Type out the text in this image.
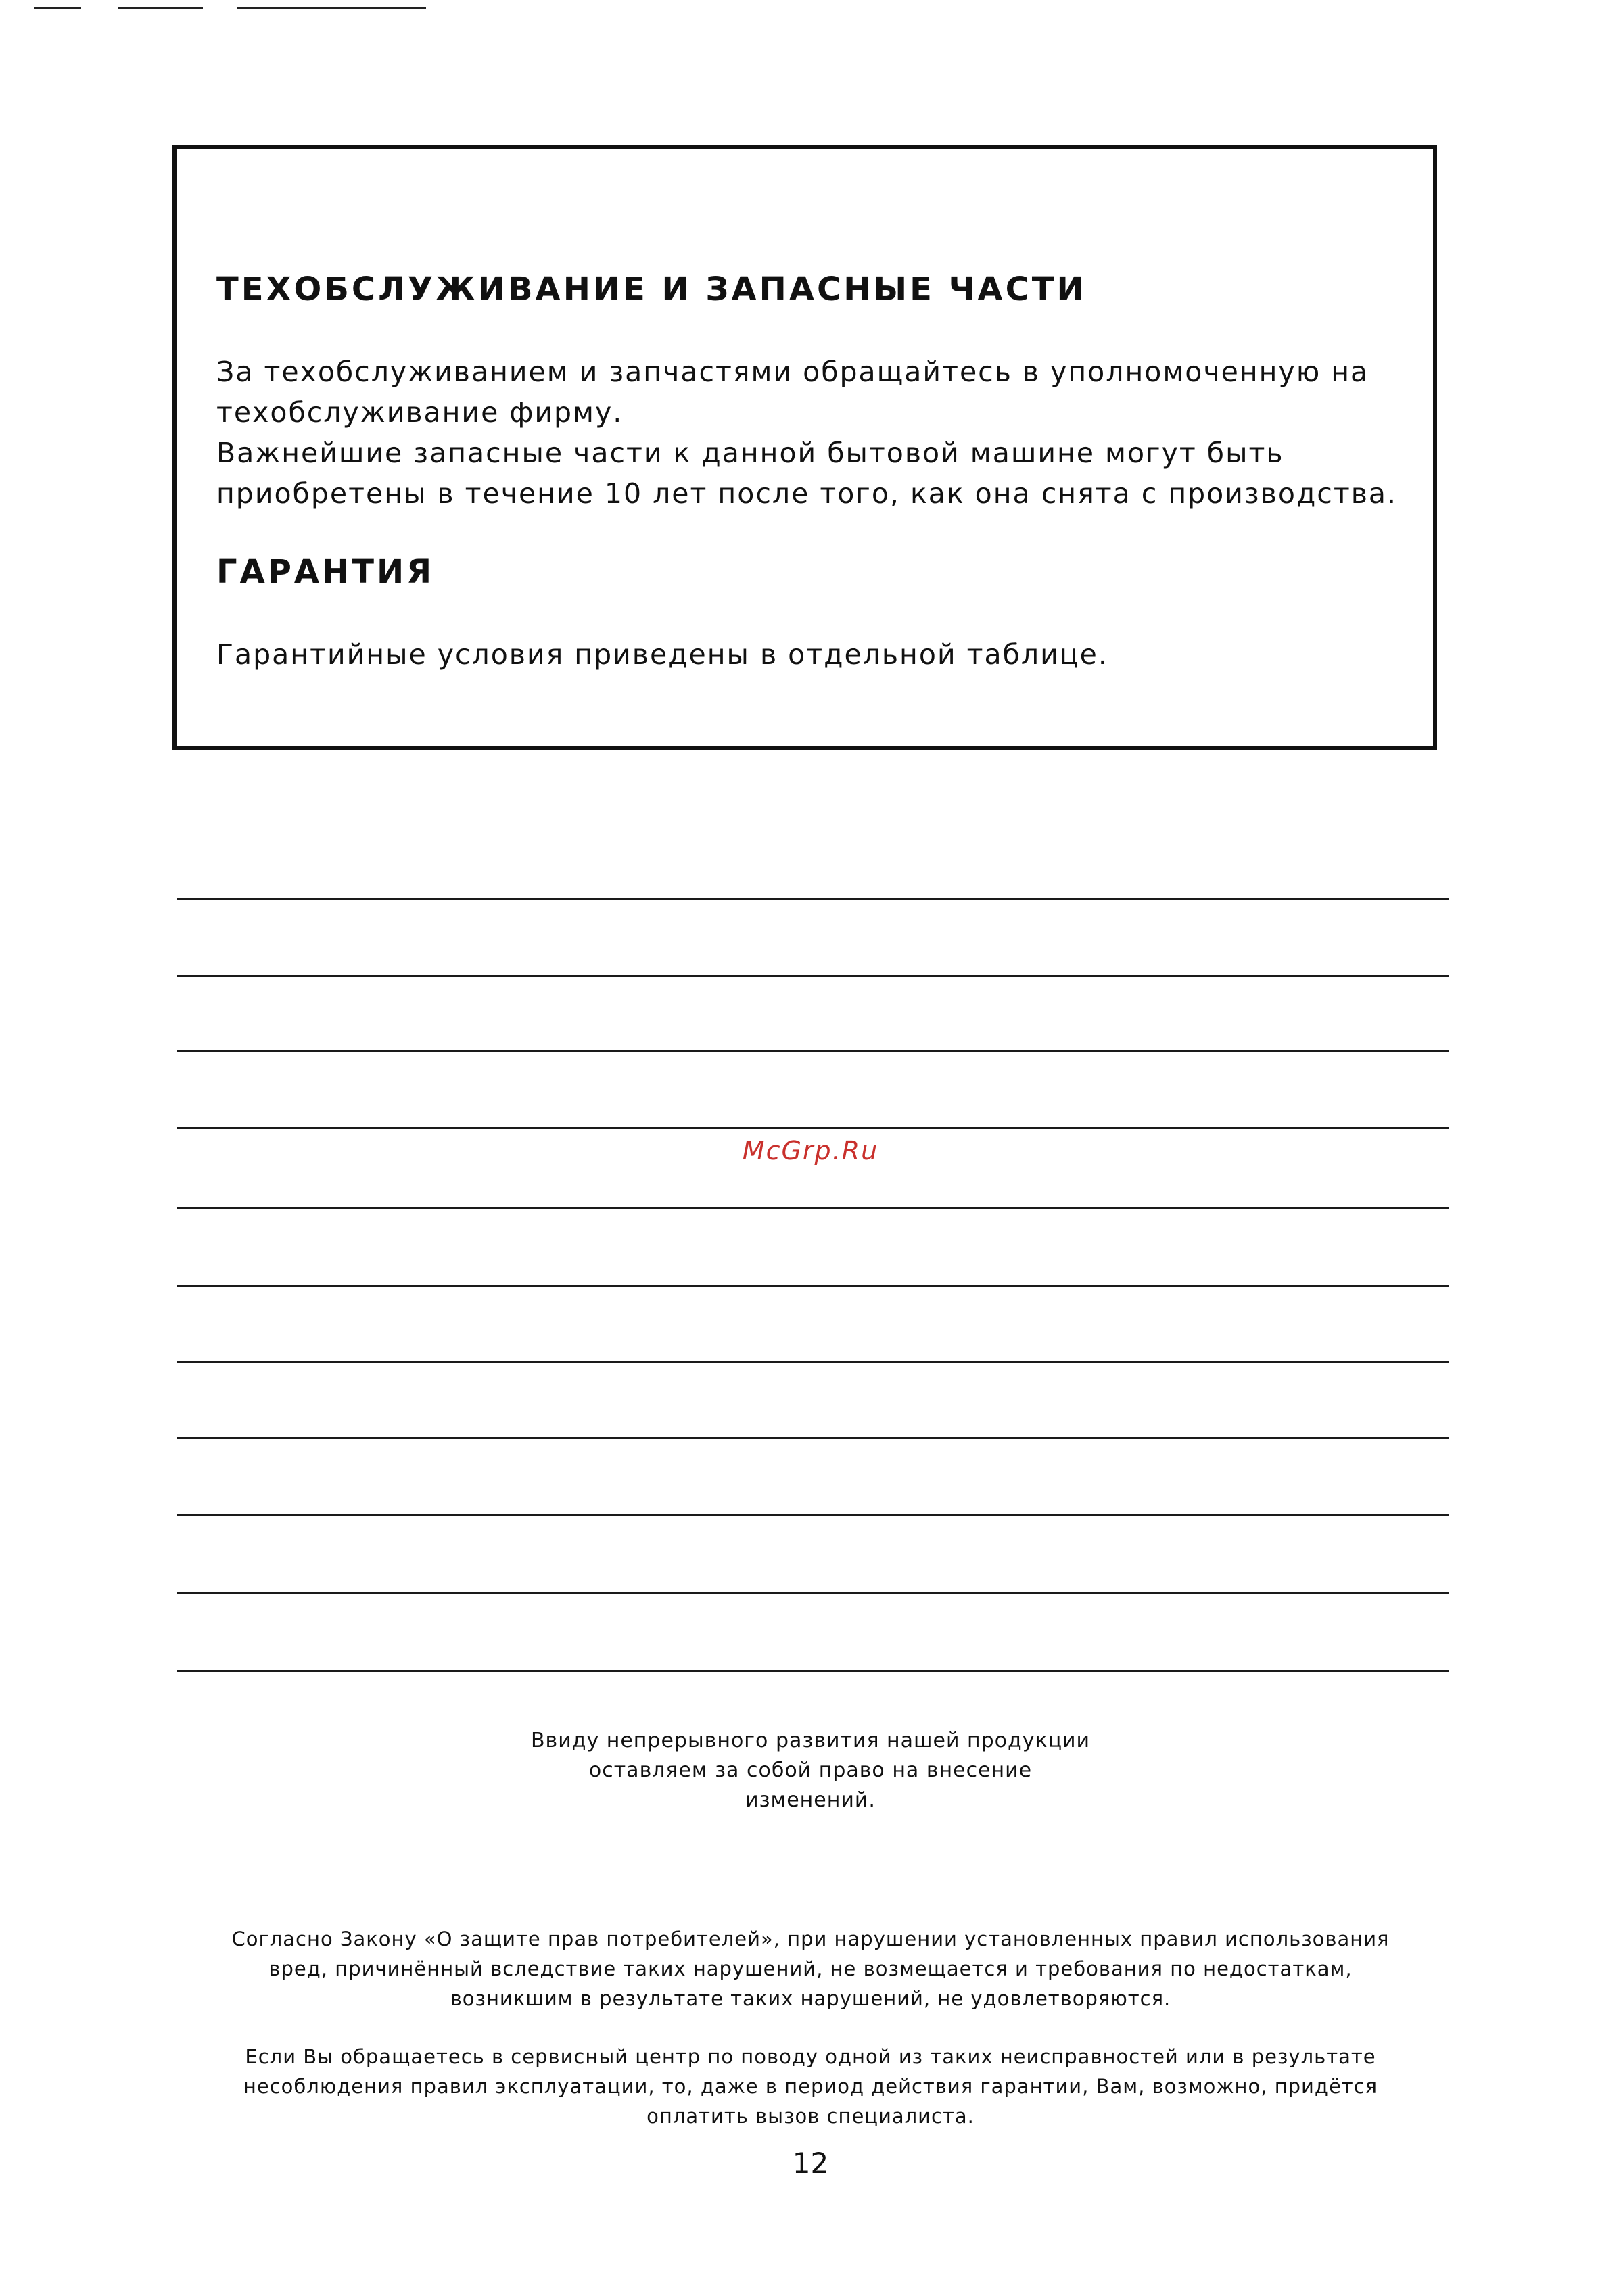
ТЕХОБСЛУЖИВАНИЕ И ЗАПАСНЫЕ ЧАСТИ

За техобслуживанием и запчастями обращайтесь в уполномоченную на техобслуживание фирму.

Важнейшие запасные части к данной бытовой машине могут быть приобретены в течение 10 лет после того, как она снята с производства.

ГАРАНТИЯ

Гарантийные условия приведены в отдельной таблице.

McGrp.Ru
Ввиду непрерывного развития нашей продукции
оставляем за собой право на внесение
изменений.
Согласно Закону «О защите прав потребителей», при нарушении установленных правил использования
вред, причинённый вследствие таких нарушений, не возмещается и требования по недостаткам,
возникшим в результате таких нарушений, не удовлетворяются.
Если Вы обращаетесь в сервисный центр по поводу одной из таких неисправностей или в результате
несоблюдения правил эксплуатации, то, даже в период действия гарантии, Вам, возможно, придётся
оплатить вызов специалиста.
12
